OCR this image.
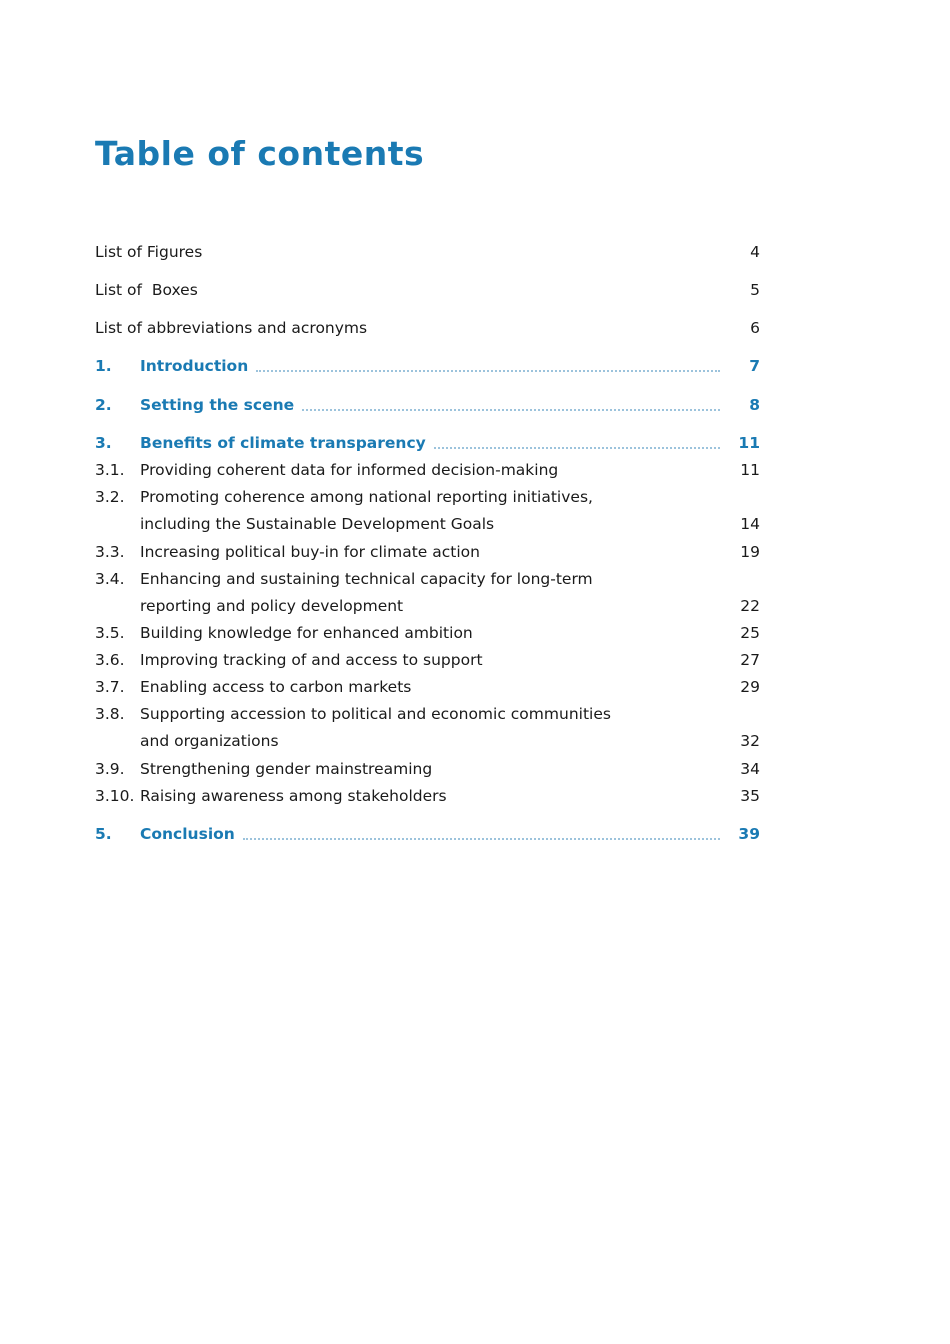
Table of contents
List of Figures	4
List of  Boxes	5
List of abbreviations and acronyms	6
1. Introduction	7
2. Setting the scene	8
3. Benefits of climate transparency	11
3.1. Providing coherent data for informed decision-making	11
3.2. Promoting coherence among national reporting initiatives,
including the Sustainable Development Goals	14
3.3. Increasing political buy-in for climate action	19
3.4. Enhancing and sustaining technical capacity for long-term
reporting and policy development	22
3.5. Building knowledge for enhanced ambition	25
3.6. Improving tracking of and access to support	27
3.7. Enabling access to carbon markets	29
3.8. Supporting accession to political and economic communities
and organizations	32
3.9. Strengthening gender mainstreaming	34
3.10. Raising awareness among stakeholders	35
5. Conclusion	39
